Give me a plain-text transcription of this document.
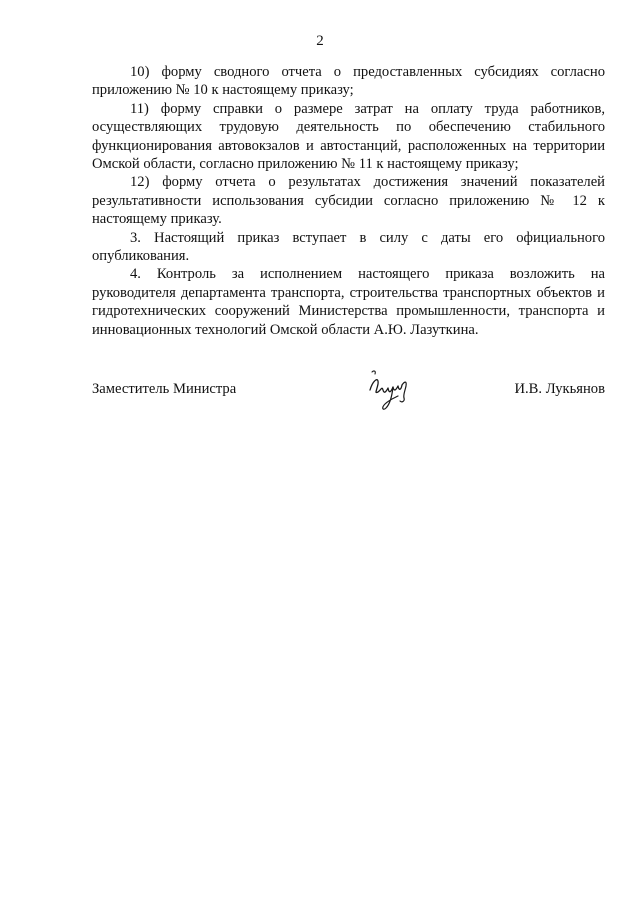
2

10) форму сводного отчета о предоставленных субсидиях согласно приложению № 10 к настоящему приказу;

11) форму справки о размере затрат на оплату труда работников, осуществляющих трудовую деятельность по обеспечению стабильного функционирования автовокзалов и автостанций, расположенных на территории Омской области, согласно приложению № 11 к настоящему приказу;

12) форму отчета о результатах достижения значений показателей результативности использования субсидии согласно приложению № 12 к настоящему приказу.

3. Настоящий приказ вступает в силу с даты его официального опубликования.

4. Контроль за исполнением настоящего приказа возложить на руководителя департамента транспорта, строительства транспортных объектов и гидротехнических сооружений Министерства промышленности, транспорта и инновационных технологий Омской области А.Ю. Лазуткина.

Заместитель Министра	И.В. Лукьянов
